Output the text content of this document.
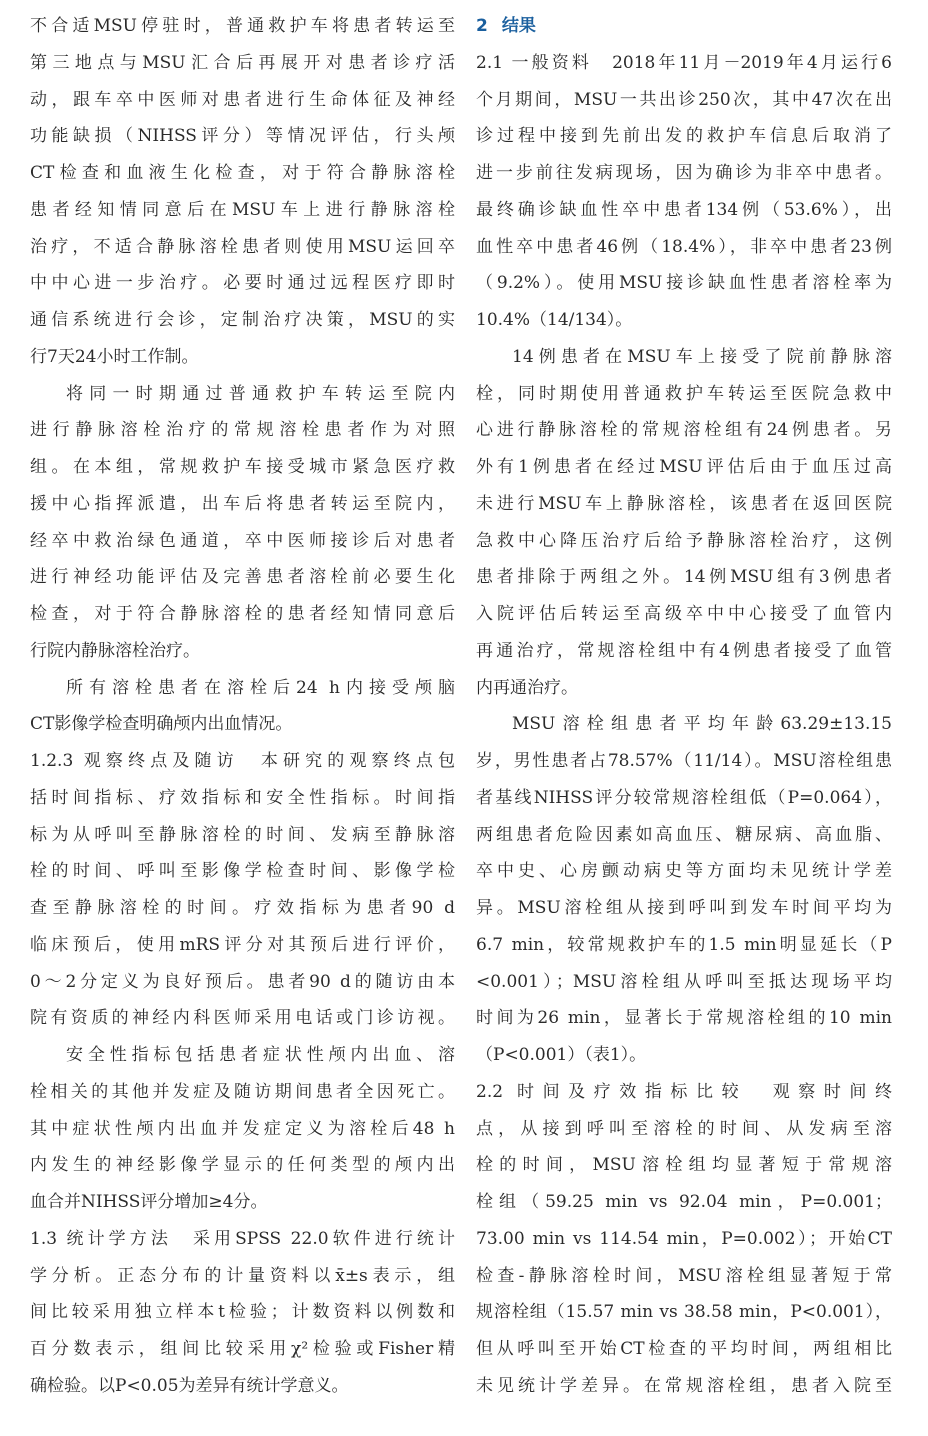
不合适MSU停驻时，普通救护车将患者转运至
第三地点与MSU汇合后再展开对患者诊疗活
动，跟车卒中医师对患者进行生命体征及神经
功能缺损（NIHSS评分）等情况评估，行头颅
CT检查和血液生化检查，对于符合静脉溶栓
患者经知情同意后在MSU车上进行静脉溶栓
治疗，不适合静脉溶栓患者则使用MSU运回卒
中中心进一步治疗。必要时通过远程医疗即时
通信系统进行会诊，定制治疗决策，MSU的实
行7天24小时工作制。
将同一时期通过普通救护车转运至院内
进行静脉溶栓治疗的常规溶栓患者作为对照
组。在本组，常规救护车接受城市紧急医疗救
援中心指挥派遣，出车后将患者转运至院内，
经卒中救治绿色通道，卒中医师接诊后对患者
进行神经功能评估及完善患者溶栓前必要生化
检查，对于符合静脉溶栓的患者经知情同意后
行院内静脉溶栓治疗。
所有溶栓患者在溶栓后24 h内接受颅脑
CT影像学检查明确颅内出血情况。
1.2.3 观察终点及随访　本研究的观察终点包
括时间指标、疗效指标和安全性指标。时间指
标为从呼叫至静脉溶栓的时间、发病至静脉溶
栓的时间、呼叫至影像学检查时间、影像学检
查至静脉溶栓的时间。疗效指标为患者90 d
临床预后，使用mRS评分对其预后进行评价，
0～2分定义为良好预后。患者90 d的随访由本
院有资质的神经内科医师采用电话或门诊访视。
安全性指标包括患者症状性颅内出血、溶
栓相关的其他并发症及随访期间患者全因死亡。
其中症状性颅内出血并发症定义为溶栓后48 h
内发生的神经影像学显示的任何类型的颅内出
血合并NIHSS评分增加≥4分。
1.3 统计学方法　采用SPSS 22.0软件进行统计
学分析。正态分布的计量资料以x̄±s表示，组
间比较采用独立样本t检验；计数资料以例数和
百分数表示，组间比较采用χ²检验或Fisher精
确检验。以P<0.05为差异有统计学意义。
2 结果
2.1 一般资料　2018年11月－2019年4月运行6
个月期间，MSU一共出诊250次，其中47次在出
诊过程中接到先前出发的救护车信息后取消了
进一步前往发病现场，因为确诊为非卒中患者。
最终确诊缺血性卒中患者134例（53.6%），出
血性卒中患者46例（18.4%），非卒中患者23例
（9.2%）。使用MSU接诊缺血性患者溶栓率为
10.4%（14/134）。
14例患者在MSU车上接受了院前静脉溶
栓，同时期使用普通救护车转运至医院急救中
心进行静脉溶栓的常规溶栓组有24例患者。另
外有1例患者在经过MSU评估后由于血压过高
未进行MSU车上静脉溶栓，该患者在返回医院
急救中心降压治疗后给予静脉溶栓治疗，这例
患者排除于两组之外。14例MSU组有3例患者
入院评估后转运至高级卒中中心接受了血管内
再通治疗，常规溶栓组中有4例患者接受了血管
内再通治疗。
MSU溶栓组患者平均年龄63.29±13.15
岁，男性患者占78.57%（11/14）。MSU溶栓组患
者基线NIHSS评分较常规溶栓组低（P=0.064），
两组患者危险因素如高血压、糖尿病、高血脂、
卒中史、心房颤动病史等方面均未见统计学差
异。MSU溶栓组从接到呼叫到发车时间平均为
6.7 min，较常规救护车的1.5 min明显延长（P
<0.001）；MSU溶栓组从呼叫至抵达现场平均
时间为26 min，显著长于常规溶栓组的10 min
（P<0.001）（表1）。
2.2 时间及疗效指标比较　观察时间终
点，从接到呼叫至溶栓的时间、从发病至溶
栓的时间，MSU溶栓组均显著短于常规溶
栓组（59.25 min vs 92.04 min，P=0.001；
73.00 min vs 114.54 min，P=0.002）；开始CT
检查-静脉溶栓时间，MSU溶栓组显著短于常
规溶栓组（15.57 min vs 38.58 min，P<0.001），
但从呼叫至开始CT检查的平均时间，两组相比
未见统计学差异。在常规溶栓组，患者入院至
